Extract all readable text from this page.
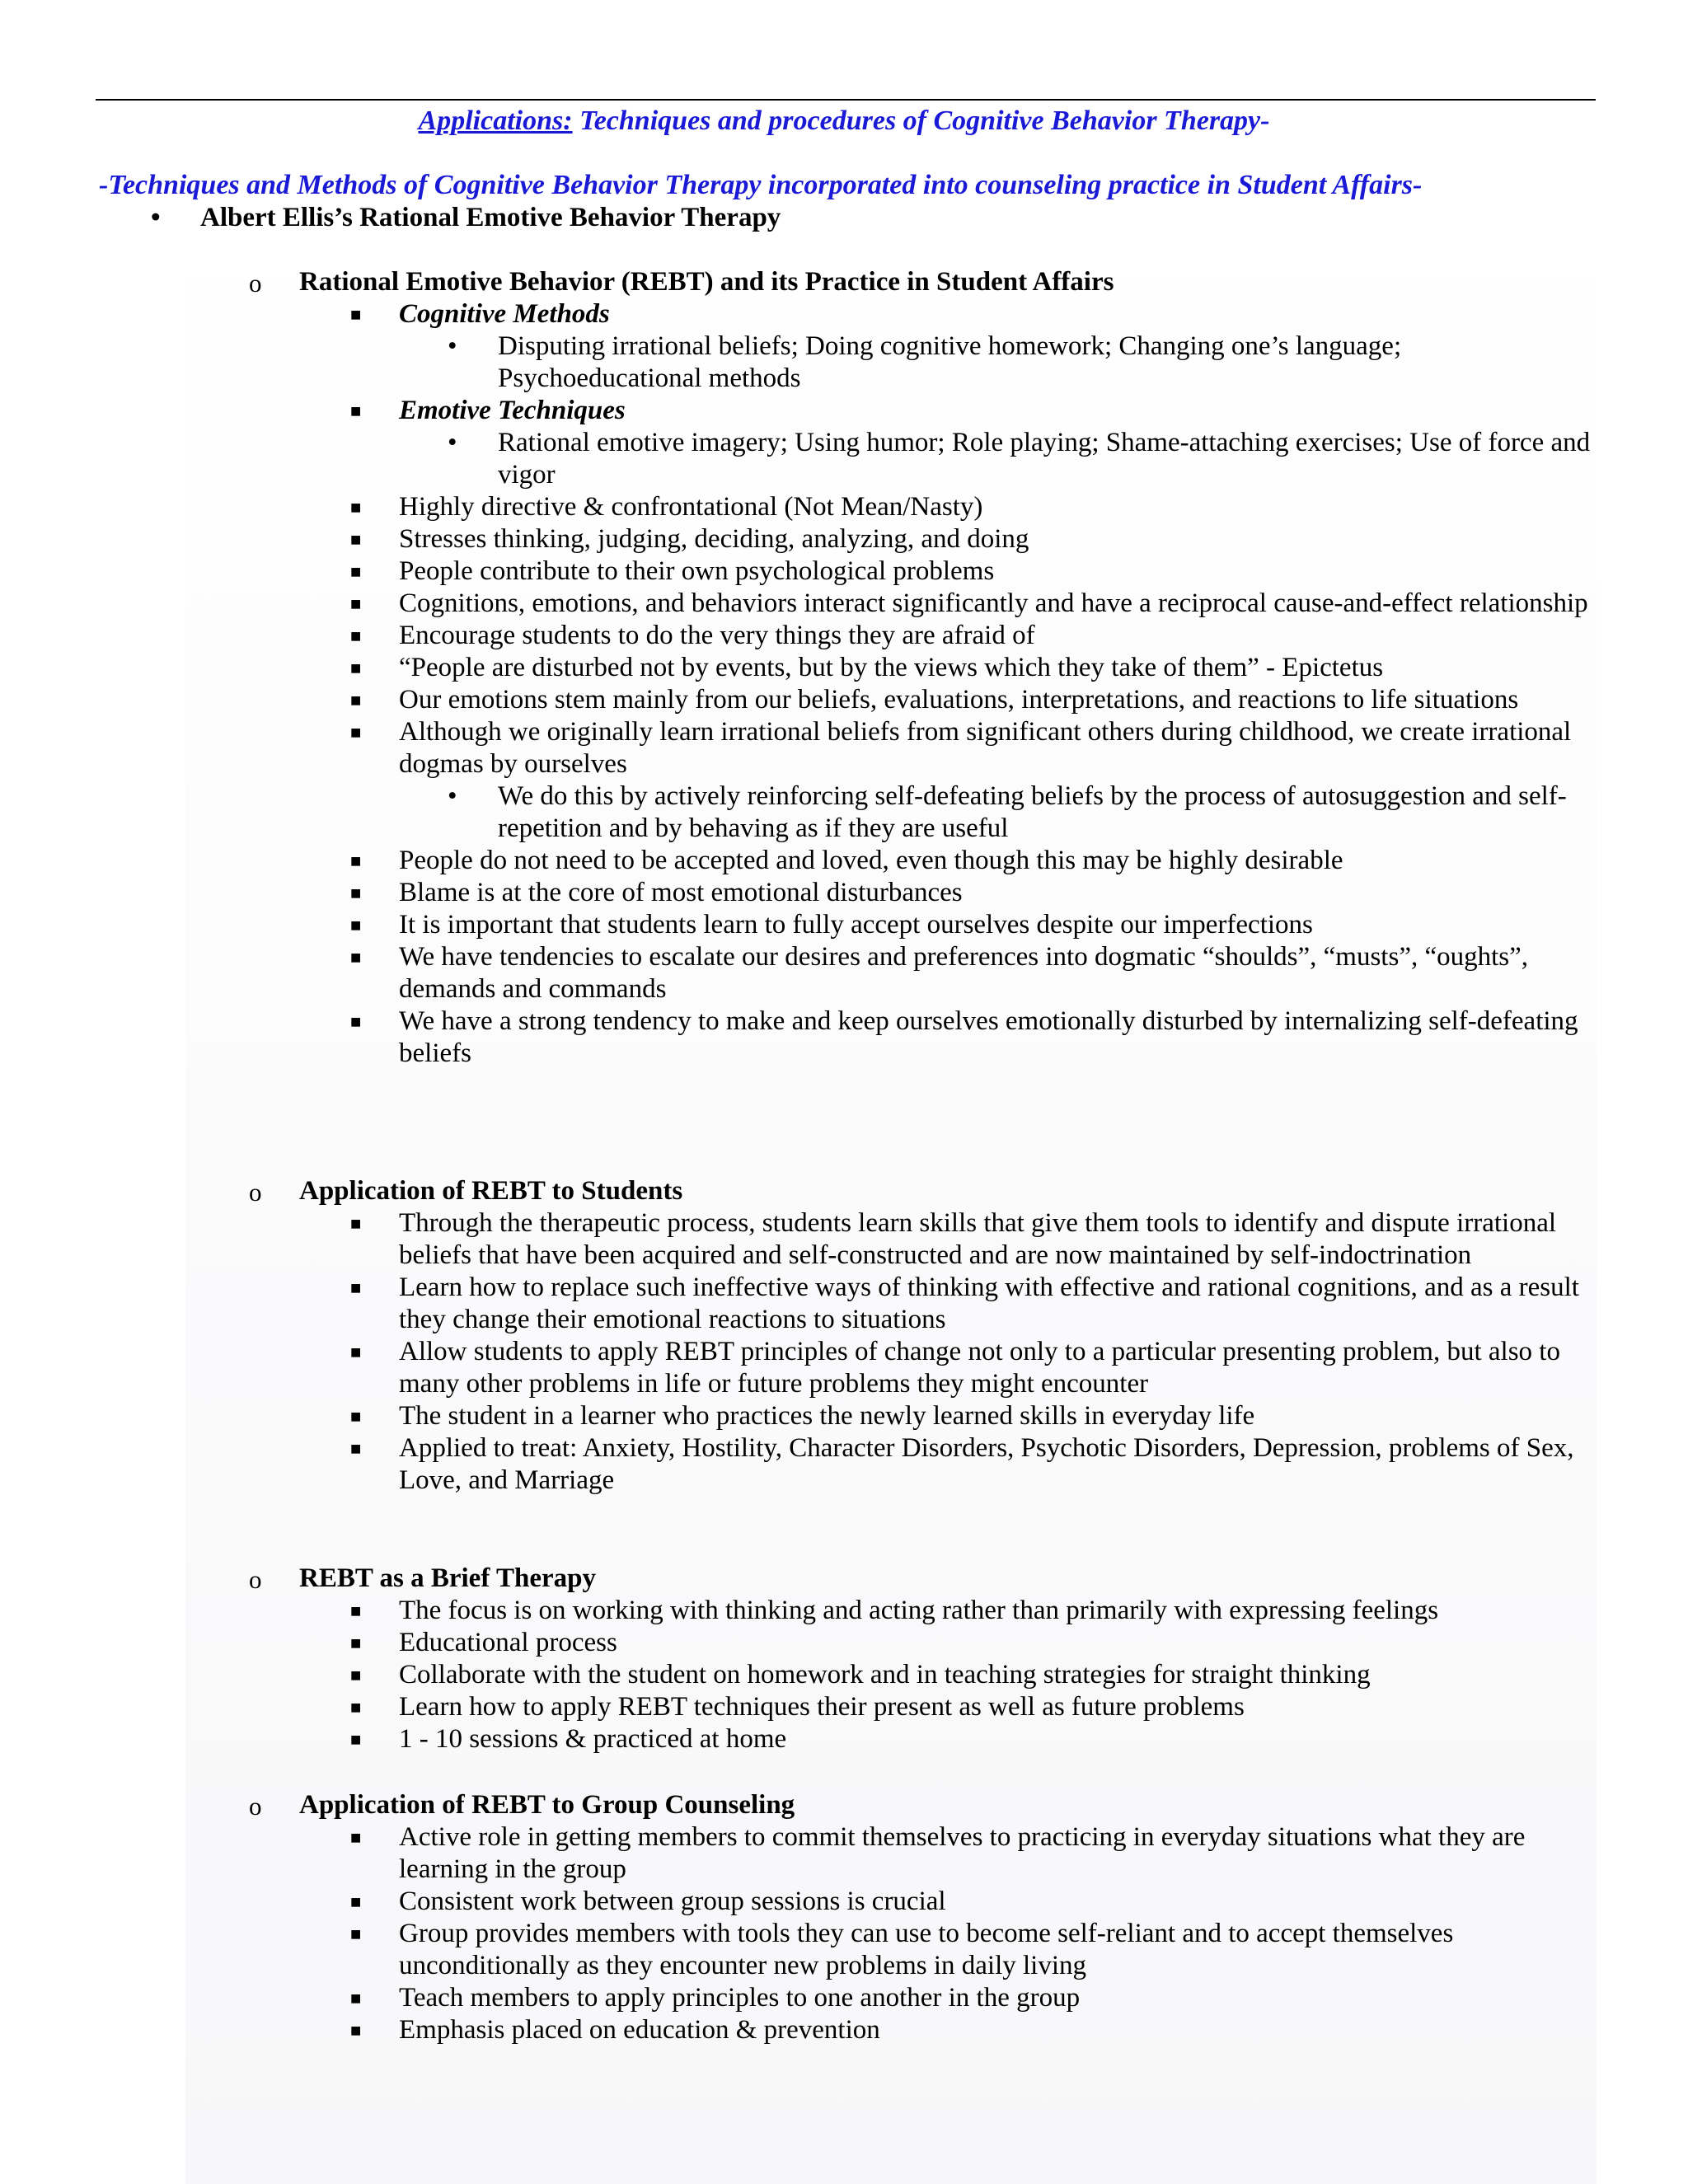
Applications: Techniques and procedures of Cognitive Behavior Therapy-
-Techniques and Methods of Cognitive Behavior Therapy incorporated into counseling practice in Student Affairs-
• Albert Ellis’s Rational Emotive Behavior Therapy
o Rational Emotive Behavior (REBT) and its Practice in Student Affairs
■ Cognitive Methods
• Disputing irrational beliefs; Doing cognitive homework; Changing one’s language; Psychoeducational methods
■ Emotive Techniques
• Rational emotive imagery; Using humor; Role playing; Shame-attaching exercises; Use of force and vigor
■ Highly directive & confrontational (Not Mean/Nasty)
■ Stresses thinking, judging, deciding, analyzing, and doing
■ People contribute to their own psychological problems
■ Cognitions, emotions, and behaviors interact significantly and have a reciprocal cause-and-effect relationship
■ Encourage students to do the very things they are afraid of
■ “People are disturbed not by events, but by the views which they take of them” - Epictetus
■ Our emotions stem mainly from our beliefs, evaluations, interpretations, and reactions to life situations
■ Although we originally learn irrational beliefs from significant others during childhood, we create irrational dogmas by ourselves
• We do this by actively reinforcing self-defeating beliefs by the process of autosuggestion and self-repetition and by behaving as if they are useful
■ People do not need to be accepted and loved, even though this may be highly desirable
■ Blame is at the core of most emotional disturbances
■ It is important that students learn to fully accept ourselves despite our imperfections
■ We have tendencies to escalate our desires and preferences into dogmatic “shoulds”, “musts”, “oughts”, demands and commands
■ We have a strong tendency to make and keep ourselves emotionally disturbed by internalizing self-defeating beliefs
o Application of REBT to Students
■ Through the therapeutic process, students learn skills that give them tools to identify and dispute irrational beliefs that have been acquired and self-constructed and are now maintained by self-indoctrination
■ Learn how to replace such ineffective ways of thinking with effective and rational cognitions, and as a result they change their emotional reactions to situations
■ Allow students to apply REBT principles of change not only to a particular presenting problem, but also to many other problems in life or future problems they might encounter
■ The student in a learner who practices the newly learned skills in everyday life
■ Applied to treat: Anxiety, Hostility, Character Disorders, Psychotic Disorders, Depression, problems of Sex, Love, and Marriage
o REBT as a Brief Therapy
■ The focus is on working with thinking and acting rather than primarily with expressing feelings
■ Educational process
■ Collaborate with the student on homework and in teaching strategies for straight thinking
■ Learn how to apply REBT techniques their present as well as future problems
■ 1 - 10 sessions & practiced at home
o Application of REBT to Group Counseling
■ Active role in getting members to commit themselves to practicing in everyday situations what they are learning in the group
■ Consistent work between group sessions is crucial
■ Group provides members with tools they can use to become self-reliant and to accept themselves unconditionally as they encounter new problems in daily living
■ Teach members to apply principles to one another in the group
■ Emphasis placed on education & prevention
